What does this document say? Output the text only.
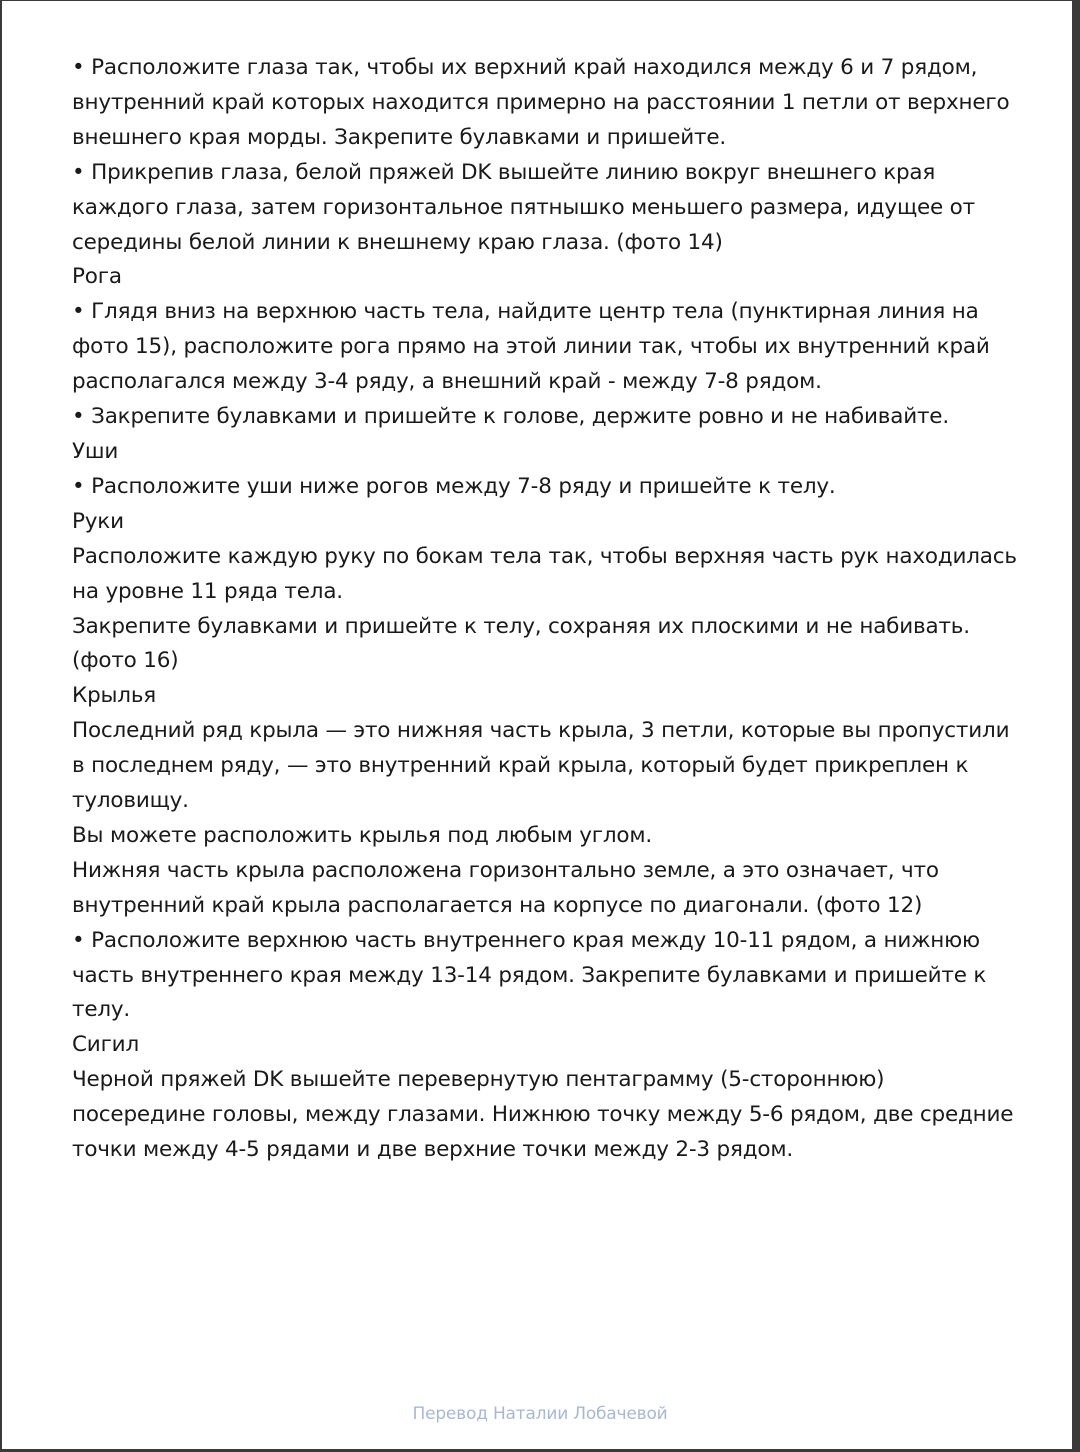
• Расположите глаза так, чтобы их верхний край находился между 6 и 7 рядом, внутренний край которых находится примерно на расстоянии 1 петли от верхнего внешнего края морды. Закрепите булавками и пришейте.

• Прикрепив глаза, белой пряжей DK вышейте линию вокруг внешнего края каждого глаза, затем горизонтальное пятнышко меньшего размера, идущее от середины белой линии к внешнему краю глаза. (фото 14)

Рога

• Глядя вниз на верхнюю часть тела, найдите центр тела (пунктирная линия на фото 15), расположите рога прямо на этой линии так, чтобы их внутренний край располагался между 3-4 ряду, а внешний край - между 7-8 рядом.

• Закрепите булавками и пришейте к голове, держите ровно и не набивайте.

Уши

• Расположите уши ниже рогов между 7-8 ряду и пришейте к телу.

Руки

Расположите каждую руку по бокам тела так, чтобы верхняя часть рук находилась на уровне 11 ряда тела.

Закрепите булавками и пришейте к телу, сохраняя их плоскими и не набивать. (фото 16)

Крылья

Последний ряд крыла — это нижняя часть крыла, 3 петли, которые вы пропустили в последнем ряду, — это внутренний край крыла, который будет прикреплен к туловищу.

Вы можете расположить крылья под любым углом.

Нижняя часть крыла расположена горизонтально земле, а это означает, что внутренний край крыла располагается на корпусе по диагонали. (фото 12)

• Расположите верхнюю часть внутреннего края между 10-11 рядом, а нижнюю часть внутреннего края между 13-14 рядом. Закрепите булавками и пришейте к телу.

Сигил

Черной пряжей DK вышейте перевернутую пентаграмму (5-стороннюю) посередине головы, между глазами. Нижнюю точку между 5-6 рядом, две средние точки между 4-5 рядами и две верхние точки между 2-3 рядом.

Перевод Наталии Лобачевой
